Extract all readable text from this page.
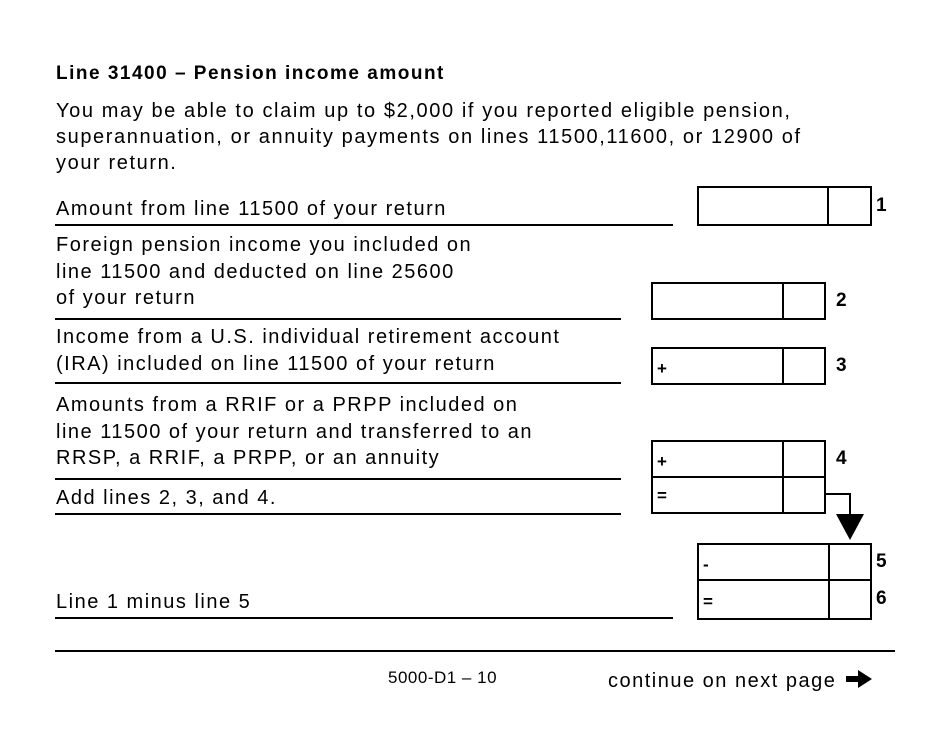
Line 31400 – Pension income amount
You may be able to claim up to $2,000 if you reported eligible pension,
superannuation, or annuity payments on lines 11500,11600, or 12900 of
your return.
Amount from line 11500 of your return	1
Foreign pension income you included on
line 11500 and deducted on line 25600
of your return	2
Income from a U.S. individual retirement account
(IRA) included on line 11500 of your return	+	3
Amounts from a RRIF or a PRPP included on
line 11500 of your return and transferred to an
RRSP, a RRIF, a PRPP, or an annuity	+	4
Add lines 2, 3, and 4.	=
-	5
Line 1 minus line 5	=	6
5000-D1 – 10	continue on next page
